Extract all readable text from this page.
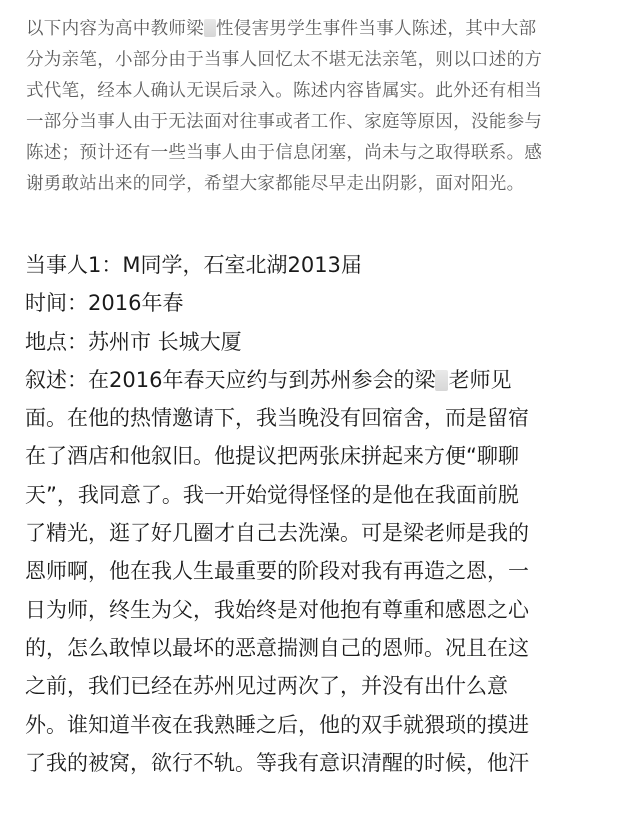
以下内容为高中教师梁 性侵害男学生事件当事人陈述，其中大部
分为亲笔，小部分由于当事人回忆太不堪无法亲笔，则以口述的方
式代笔，经本人确认无误后录入。陈述内容皆属实。此外还有相当
一部分当事人由于无法面对往事或者工作、家庭等原因，没能参与
陈述；预计还有一些当事人由于信息闭塞，尚未与之取得联系。感
谢勇敢站出来的同学，希望大家都能尽早走出阴影，面对阳光。
当事人1：M同学，石室北湖2013届
时间：2016年春
地点：苏州市 长城大厦
叙述：在2016年春天应约与到苏州参会的梁 老师见
面。在他的热情邀请下，我当晚没有回宿舍，而是留宿
在了酒店和他叙旧。他提议把两张床拼起来方便“聊聊
天”，我同意了。我一开始觉得怪怪的是他在我面前脱
了精光，逛了好几圈才自己去洗澡。可是梁老师是我的
恩师啊，他在我人生最重要的阶段对我有再造之恩，一
日为师，终生为父，我始终是对他抱有尊重和感恩之心
的，怎么敢悼以最坏的恶意揣测自己的恩师。况且在这
之前，我们已经在苏州见过两次了，并没有出什么意
外。谁知道半夜在我熟睡之后，他的双手就猥琐的摸进
了我的被窝，欲行不轨。等我有意识清醒的时候，他汗
